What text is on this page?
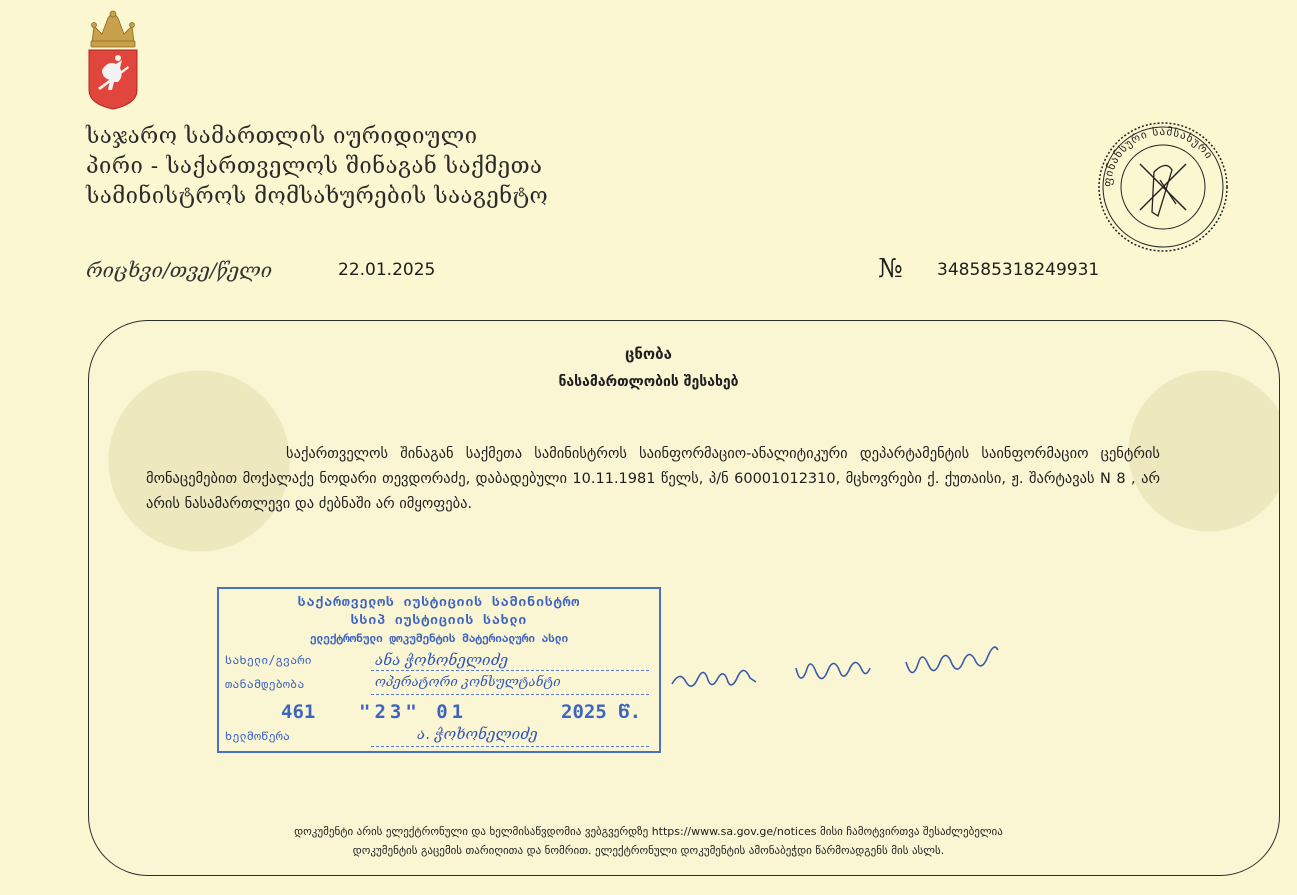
საჯარო სამართლის იურიდიული
პირი - საქართველოს შინაგან საქმეთა
სამინისტროს მომსახურების სააგენტო
ფინანსური სამსახური
რიცხვი/თვე/წელი	22.01.2025	№ 348585318249931
ცნობა
ნასამართლობის შესახებ

საქართველოს შინაგან საქმეთა სამინისტროს საინფორმაციო-ანალიტიკური დეპარტამენტის საინფორმაციო ცენტრის მონაცემებით მოქალაქე ნოდარი თევდორაძე, დაბადებული 10.11.1981 წელს, პ/ნ 60001012310, მცხოვრები ქ. ქუთაისი, ჟ. შარტავას N 8 , არ არის ნასამართლევი და ძებნაში არ იმყოფება.

საქართველოს იუსტიციის სამინისტრო
სსიპ იუსტიციის სახლი
ელექტრონული დოკუმენტის მატერიალური ასლი
სახელი/გვარი	ანა ჭოხონელიძე
თანამდებობა	ოპერატორი კონსულტანტი
461 "23" 01	2025 წ.
ხელმოწერა	ა. ჭოხონელიძე
დოკუმენტი არის ელექტრონული და ხელმისაწვდომია ვებგვერდზე https://www.sa.gov.ge/notices მისი ჩამოტვირთვა შესაძლებელია
დოკუმენტის გაცემის თარიღითა და ნომრით. ელექტრონული დოკუმენტის ამონაბეჭდი წარმოადგენს მის ასლს.
